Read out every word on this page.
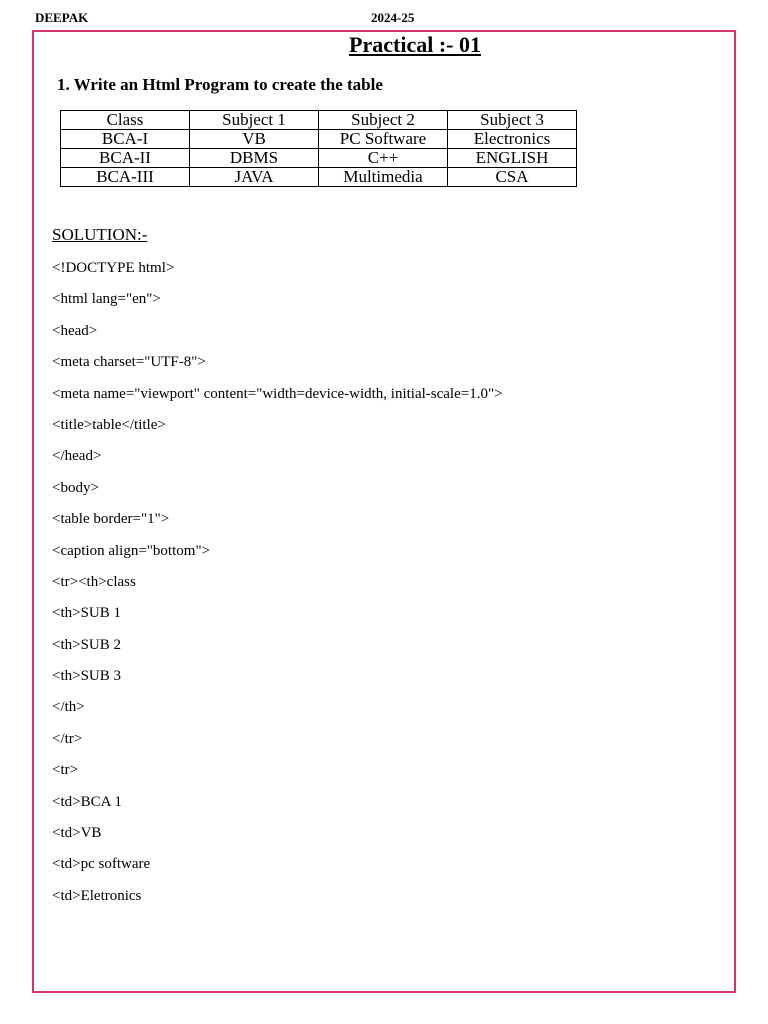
DEEPAK	2024-25
Practical :- 01
1. Write an Html Program to create the table
Class	Subject 1	Subject 2	Subject 3
BCA-I	VB	PC Software	Electronics
BCA-II	DBMS	C++	ENGLISH
BCA-III	JAVA	Multimedia	CSA
SOLUTION:-
<!DOCTYPE html>
<html lang="en">
<head>
<meta charset="UTF-8">
<meta name="viewport" content="width=device-width, initial-scale=1.0">
<title>table</title>
</head>
<body>
<table border="1">
<caption align="bottom">
<tr><th>class
<th>SUB 1
<th>SUB 2
<th>SUB 3
</th>
</tr>
<tr>
<td>BCA 1
<td>VB
<td>pc software
<td>Eletronics
